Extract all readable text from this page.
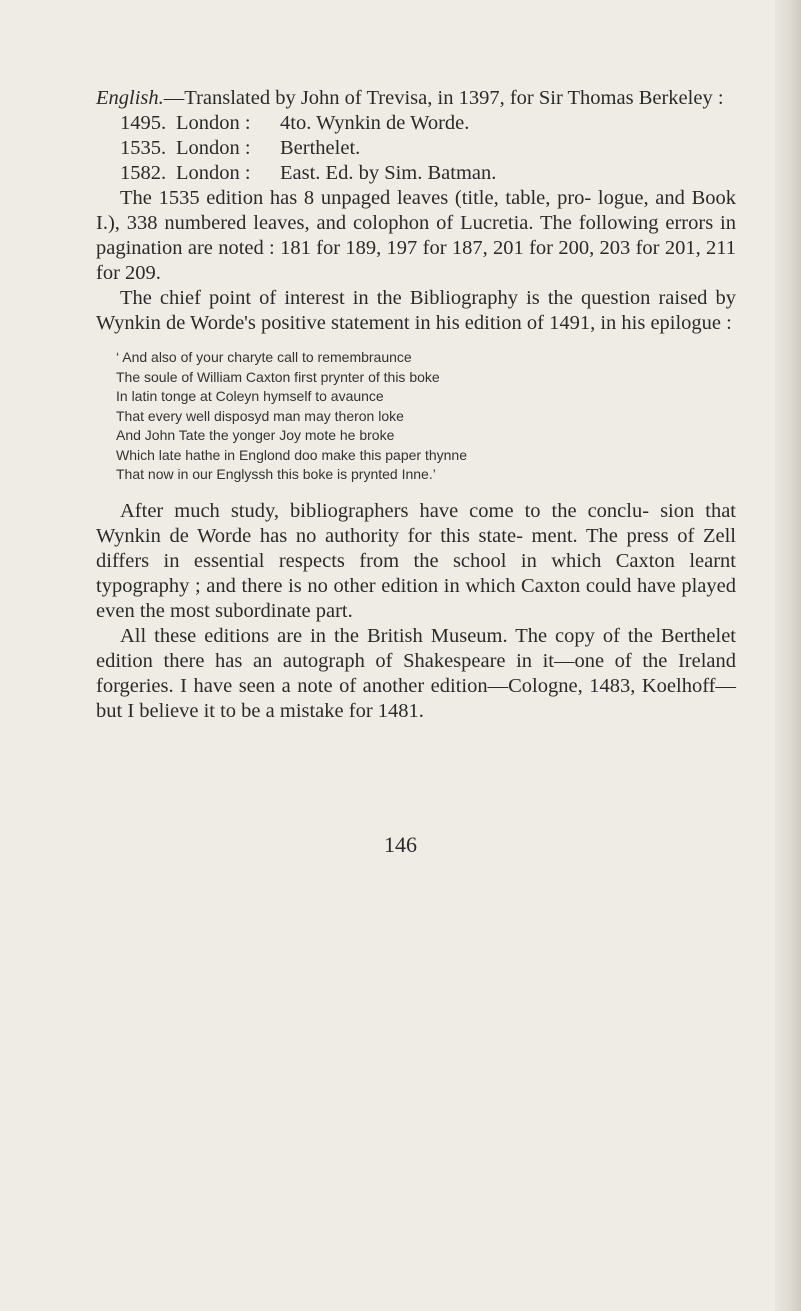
English.—Translated by John of Trevisa, in 1397, for Sir Thomas Berkeley :

1495. London : 4to. Wynkin de Worde.
1535. London : Berthelet.
1582. London : East. Ed. by Sim. Batman.

The 1535 edition has 8 unpaged leaves (title, table, pro- logue, and Book I.), 338 numbered leaves, and colophon of Lucretia. The following errors in pagination are noted : 181 for 189, 197 for 187, 201 for 200, 203 for 201, 211 for 209.

The chief point of interest in the Bibliography is the question raised by Wynkin de Worde's positive statement in his edition of 1491, in his epilogue :

‘ And also of your charyte call to remembraunce
The soule of William Caxton first prynter of this boke
In latin tonge at Coleyn hymself to avaunce
That every well disposyd man may theron loke
And John Tate the yonger Joy mote he broke
Which late hathe in Englond doo make this paper thynne
That now in our Englyssh this boke is prynted Inne.’

After much study, bibliographers have come to the conclu- sion that Wynkin de Worde has no authority for this state- ment. The press of Zell differs in essential respects from the school in which Caxton learnt typography ; and there is no other edition in which Caxton could have played even the most subordinate part.

All these editions are in the British Museum. The copy of the Berthelet edition there has an autograph of Shakespeare in it—one of the Ireland forgeries. I have seen a note of another edition—Cologne, 1483, Koelhoff—but I believe it to be a mistake for 1481.

146
